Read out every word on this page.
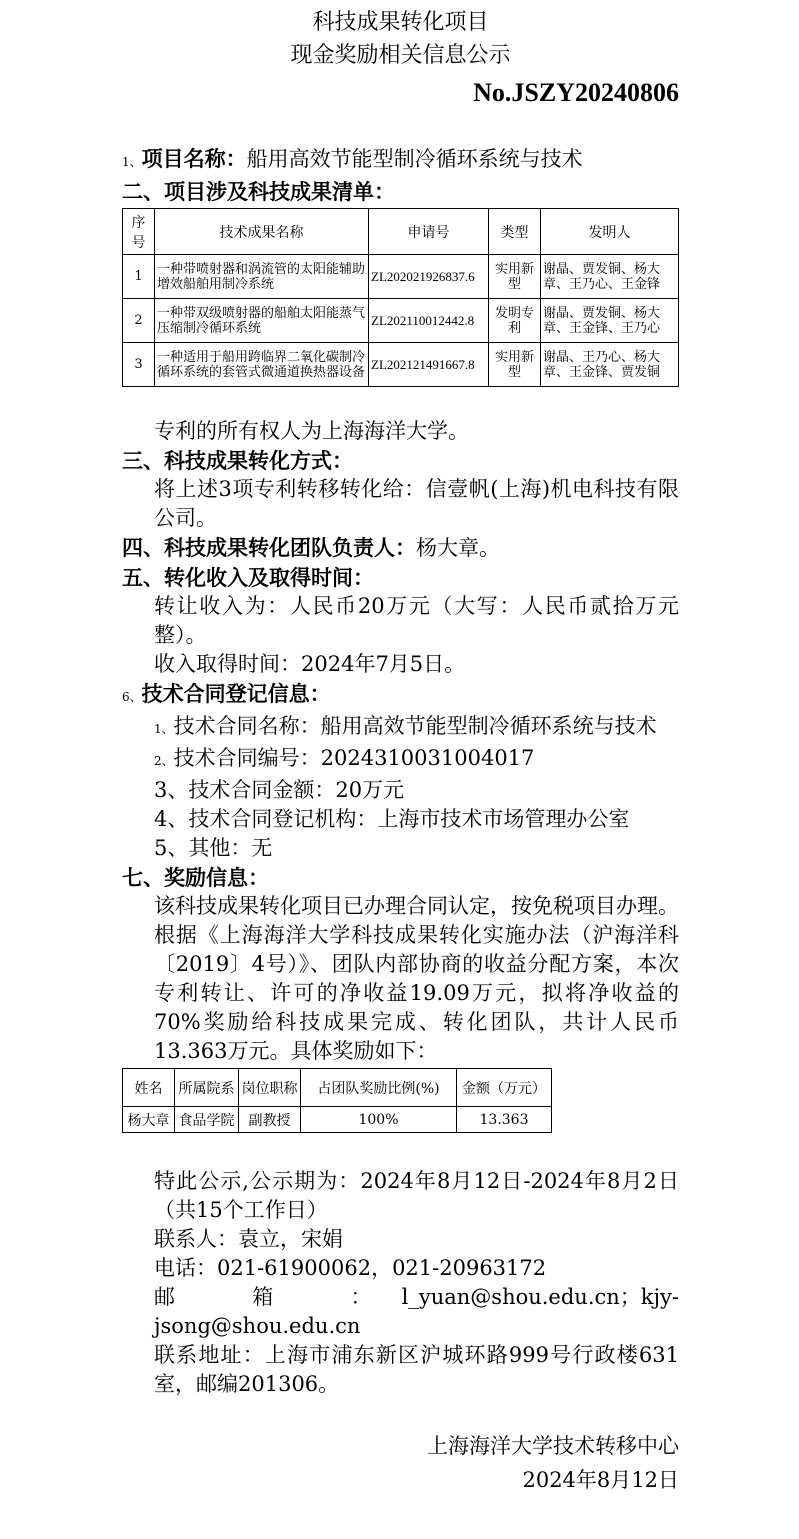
科技成果转化项目
现金奖励相关信息公示
No.JSZY20240806
1、项目名称：船用高效节能型制冷循环系统与技术
二、项目涉及科技成果清单：
序号	技术成果名称	申请号	类型	发明人
1	一种带喷射器和涡流管的太阳能辅助增效船舶用制冷系统	ZL202021926837.6	实用新型	谢晶、贾发铜、杨大章、王乃心、王金锋
2	一种带双级喷射器的船舶太阳能蒸气压缩制冷循环系统	ZL202110012442.8	发明专利	谢晶、贾发铜、杨大章、王金锋、王乃心
3	一种适用于船用跨临界二氧化碳制冷循环系统的套管式微通道换热器设备	ZL202121491667.8	实用新型	谢晶、王乃心、杨大章、王金锋、贾发铜
专利的所有权人为上海海洋大学。
三、科技成果转化方式：
将上述3项专利转移转化给：信壹帆(上海)机电科技有限公司。
四、科技成果转化团队负责人：杨大章。
五、转化收入及取得时间：
转让收入为：人民币20万元（大写：人民币贰拾万元整）。
收入取得时间：2024年7月5日。
6、技术合同登记信息：
1、技术合同名称：船用高效节能型制冷循环系统与技术
2、技术合同编号：2024310031004017
3、技术合同金额：20万元
4、技术合同登记机构：上海市技术市场管理办公室
5、其他：无
七、奖励信息：
该科技成果转化项目已办理合同认定，按免税项目办理。根据《上海海洋大学科技成果转化实施办法（沪海洋科〔2019〕4号）》、团队内部协商的收益分配方案，本次专利转让、许可的净收益19.09万元，拟将净收益的70%奖励给科技成果完成、转化团队，共计人民币13.363万元。具体奖励如下：
姓名	所属院系	岗位职称	占团队奖励比例(%)	金额（万元）
杨大章	食品学院	副教授	100%	13.363
特此公示,公示期为：2024年8月12日-2024年8月2日（共15个工作日）
联系人：袁立，宋娟
电话：021-61900062，021-20963172
邮　　箱　　： l_yuan@shou.edu.cn；kjy-jsong@shou.edu.cn
联系地址：上海市浦东新区沪城环路999号行政楼631室，邮编201306。
上海海洋大学技术转移中心
2024年8月12日
